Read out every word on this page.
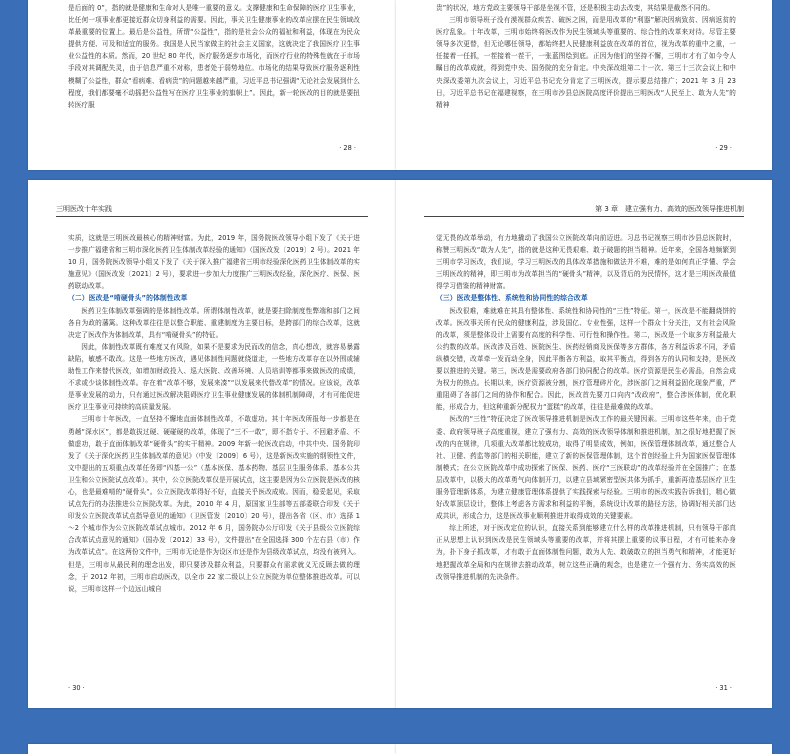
是后面的 0”，指的就是健康和生命对人是唯一重要的意义。支撑健康和生命保障的医疗卫生事业，比任何一项事业都更接近群众切身利益的需要。因此，事关卫生健康事业的改革应摆在民生领域改革最重要的位置上。最后是公益性，所谓“公益性”，指的是社会公众的福祉和利益，体现在为民众提供方便、可及和适宜的服务。我国是人民当家做主的社会主义国家，这就决定了我国医疗卫生事业公益性的本质。然而，20 世纪 80 年代，医疗服务逐步市场化，而医疗行业的特殊性就在于市场手段对其调配失灵，由于信息严重不对称，患者处于弱势地位。市场化的结果导致医疗服务逐利性模糊了公益性，群众“看病难、看病贵”的问题越来越严重，习近平总书记强调“无论社会发展到什么程度，我们都要毫不动摇把公益性写在医疗卫生事业的旗帜上”。因此，新一轮医改的目的就是要扭转医疗服

· 28 ·

贵”的状况，地方党政主要领导干部是坐视不管，还是积极主动去改变，其结果是截然不同的。

三明市领导班子没有漠视群众疾苦、破医之困，而是用改革的“利器”解决因病致贫、因病返贫的医疗乱象。十年改革，三明市始终将医改作为民生领域头等重要的、综合性的改革来对待。尽管主要领导多次更替，但无论哪任领导，都始终把人民健康利益放在改革的首位，视为改革的重中之重，一任接着一任抓，一茬接着一茬干，一张蓝图绘到底。正因为他们的坚持不懈，三明市才有了如今令人瞩目的改革成就，得到党中央、国务院的充分肯定。中央深改组第二十一次、第三十三次会议上和中央深改委第九次会议上，习近平总书记充分肯定了三明医改，提示要总结推广；2021 年 3 月 23 日，习近平总书记在福建视察，在三明市沙县总医院高度评价提出三明医改“人民至上、敢为人先”的精神

· 29 ·
三明医改十年实践

实质，这就是三明医改最核心的精神财富。为此，2019 年，国务院医改领导小组下发了《关于进一步推广福建省和三明市深化医药卫生体制改革经验的通知》（国医改发〔2019〕2 号）。2021 年 10 月，国务院医改领导小组又下发了《关于深入推广福建省三明市经验深化医药卫生体制改革的实施意见》（国医改发〔2021〕2 号），要求进一步加大力度推广三明医改经验，深化医疗、医保、医药联动改革。

（二）医改是“啃硬骨头”的体制性改革

医药卫生体制改革强调的是体制性改革。所谓体制性改革，就是要扫除制度性弊端和部门之间各自为政的藩篱。这种改革往往是以整合职能、重建制度为主要目标，是跨部门的综合改革，这就决定了医改作为体制改革，具有“啃硬骨头”的特征。

因此，体制性改革既有难度又有风险，如果不是要求为民而改的信念，真心想改，就容易暴露缺陷，敏感不敢改。这是一些地方医改，遇见体制性问题就绕道走，一些地方改革存在以外围或辅助性工作来替代医改，如增加财政投入、巡大医院、改善环境、人员培训等都事来做医改的成绩，不求或少谈体制性改革。存在着“改革不够，发展来凑”“以发展来代替改革”的情况。应该说，改革是事业发展的动力，只有通过医改解决阻碍医疗卫生事业健康发展的体制机制障碍，才有可能促进医疗卫生事业可持续的高质量发展。

三明市十年医改，一直坚持不懈地直面体制性改革，不敢虚功。其十年医改所报每一步都是在勇趟“深水区”，都是敢拔过硬、硬碰硬的改革，体现了“三不一敢”，即不指专于、不回避矛盾、不做虚功，敢于直面体制改革“硬骨头”的实干精神。2009 年新一轮医改启动，中共中央、国务院印发了《关于深化医药卫生体制改革的意见》（中发〔2009〕6 号），这是新医改实施的纲领性文件，文中提出的五项重点改革任务即“四基一公”（基本医保、基本药物、基层卫生服务体系、基本公共卫生和公立医院试点改革）。其中，公立医院改革仅是开展试点，这主要是因为公立医院是医改的核心，也是最难啃的“硬骨头”。公立医院改革得好不好，直接关乎医改成败。因而，稳妥起见，采取试点先行的办法推进公立医院改革。为此，2010 年 4 月，原国家卫生部等五部委联合印发《关于印发公立医院改革试点指导意见的通知》（卫医管发〔2010〕20 号），提出各省（区、市）选择 1～2 个城市作为公立医院改革试点城市。2012 年 6 月，国务院办公厅印发《关于县级公立医院综合改革试点意见的通知》（国办发〔2012〕33 号），文件提出“在全国选择 300 个左右县（市）作为改革试点”。在这两份文件中，三明市无论是作为设区市还是作为县级改革试点，均没有被列入。但是，三明市从最民利的理念出发，即只要涉及群众利益，只要群众有需求就义无反顾去做的理念，于 2012 年初，三明市启动医改，以全市 22 家二级以上公立医院为单位整体推进改革。可以说，三明市这样一个边远山城自

· 30 ·
第 3 章　建立强有力、高效的医改领导推进机制

觉无畏的改革举动，有力地撬动了我国公立医院改革向前迈进。习总书记视察三明市沙县总医院时，称赞三明医改“敢为人先”，指的就是这种无畏艰难、敢于破题的担当精神。近年来，全国各地频繁到三明市学习医改，我们说，学习三明医改的具体改革措施和做法并不难，难的是如何真正学懂、学会三明医改的精神，即三明市为改革担当的“硬骨头”精神，以及背后的为民情怀，这才是三明医改最值得学习借鉴的精神财富。

（三）医改是整体性、系统性和协同性的综合改革

医改很难，难就难在其具有整体性、系统性和协同性的“三性”特征。第一，医改是不能翻烧饼的改革。医改事关所有民众的健康利益，涉及国亿、专业性强，这样一个群众十分关注，又有社会风险的改革，须是整体设计上需要有高度的科学性、可行性和操作性。第二，医改是一个取多方利益最大公约数的改革。医改涉及百姓、医院医生、医药经销商及医保等多方群体，各方利益诉求不同，矛盾纵横交错，改革牵一发而动全身，因此平衡各方利益，取其平衡点，得到各方的认同和支持，是医改要以推进的关键。第三，医改是需要政府各部门协同配合的改革。医疗资源是民生必需品，自然会成为权力的热点。长期以来，医疗资源被分割，医疗管理碎片化，涉医部门之间利益固化现象严重，严重阻碍了各部门之间的协作和配合。因此，医改首先要刀口向内“改政府”，整合涉医体制，优化职能，形成合力，但这种重新分配权力“蛋糕”的改革，往往是最难做的改革。

医改的“三性”特征决定了医改领导推进机制是医改工作的最关键因素。三明市这些年来，由于党委、政府领导班子高度重视，建立了强有力、高效的医改领导体制和推进机制，加之很好地把握了医改的内在规律，几项重大改革都比较成功，取得了明显成效，例如，医保管理体制改革，通过整合人社、卫健、药监等部门的相关职能，建立了新的医保管理体制，这个首创经验上升为国家医保管理体制模式；在公立医院改革中成功探索了医保、医药、医疗“三医联动”的改革经验并在全国推广；在基层改革中，以极大的改革勇气向体制开刀，以建立县域紧密型医共体为抓手，重新再造基层医疗卫生服务管理新体系，为建立健康管理体系提供了实践探索与经验。三明市的医改实践告诉我们，精心做好改革顶层设计，整体上考虑各方需求和利益的平衡，系统设计改革的路径方法，协调好相关部门达成共识，形成合力，这是医改事业顺利推进并取得成效的关键要素。

综上所述，对于医改定位的认识，直接关系到能够建立什么样的改革推进机制，只有领导干部真正从思想上认识到医改是民生领域头等重要的改革，并将其摆上重要的议事日程，才有可能来办身为，扑下身子抓改革，才有敢于直面体制性问题，敢为人先、敢破敢立的担当勇气和精神，才能更好地把握改革全局和内在规律去推动改革，树立这些正确的观念，也是建立一个强有力、务实高效的医改领导推进机制的先决条件。

· 31 ·
